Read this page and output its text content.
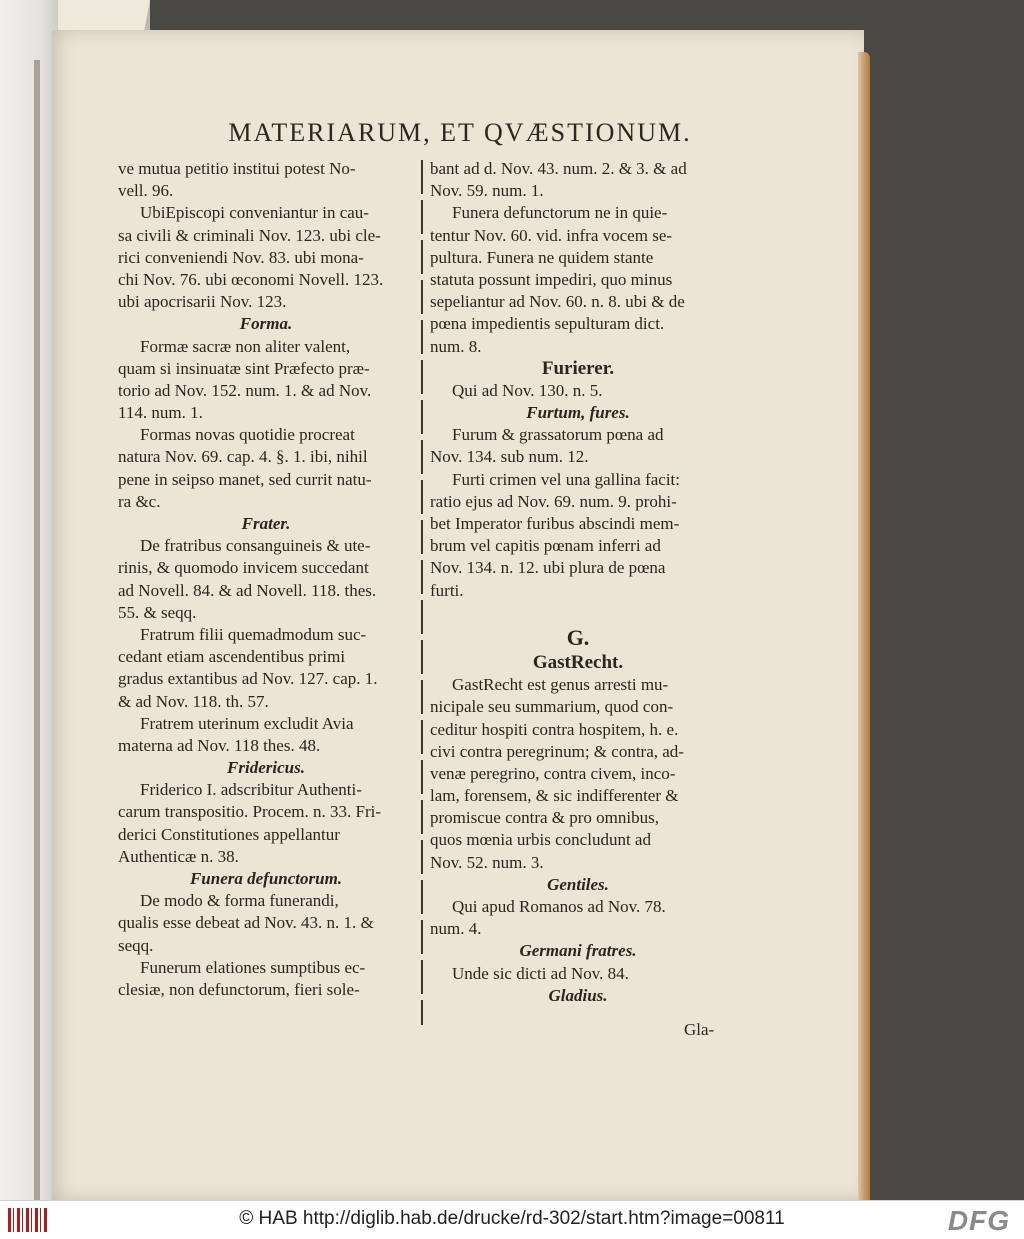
MATERIARUM, ET QVÆSTIONUM.
ve mutua petitio institui potest No-
vell. 96.
UbiEpiscopi conveniantur in cau-
sa civili & criminali Nov. 123. ubi cle-
rici conveniendi Nov. 83. ubi mona-
chi Nov. 76. ubi œconomi Novell. 123.
ubi apocrisarii Nov. 123.
Forma.
Formæ sacræ non aliter valent,
quam si insinuatæ sint Præfecto præ-
torio ad Nov. 152. num. 1. & ad Nov.
114. num. 1.
Formas novas quotidie procreat
natura Nov. 69. cap. 4. §. 1. ibi, nihil
pene in seipso manet, sed currit natu-
ra &c.
Frater.
De fratribus consanguineis & ute-
rinis, & quomodo invicem succedant
ad Novell. 84. & ad Novell. 118. thes.
55. & seqq.
Fratrum filii quemadmodum suc-
cedant etiam ascendentibus primi
gradus extantibus ad Nov. 127. cap. 1.
& ad Nov. 118. th. 57.
Fratrem uterinum excludit Avia
materna ad Nov. 118 thes. 48.
Fridericus.
Friderico I. adscribitur Authenti-
carum transpositio. Procem. n. 33. Fri-
derici Constitutiones appellantur
Authenticæ n. 38.
Funera defunctorum.
De modo & forma funerandi,
qualis esse debeat ad Nov. 43. n. 1. &
seqq.
Funerum elationes sumptibus ec-
clesiæ, non defunctorum, fieri sole-
bant ad d. Nov. 43. num. 2. & 3. & ad
Nov. 59. num. 1.
Funera defunctorum ne in quie-
tentur Nov. 60. vid. infra vocem se-
pultura. Funera ne quidem stante
statuta possunt impediri, quo minus
sepeliantur ad Nov. 60. n. 8. ubi & de
pœna impedientis sepulturam dict.
num. 8.
Furierer.
Qui ad Nov. 130. n. 5.
Furtum, fures.
Furum & grassatorum pœna ad
Nov. 134. sub num. 12.
Furti crimen vel una gallina facit:
ratio ejus ad Nov. 69. num. 9. prohi-
bet Imperator furibus abscindi mem-
brum vel capitis pœnam inferri ad
Nov. 134. n. 12. ubi plura de pœna
furti.
G.
GastRecht.
GastRecht est genus arresti mu-
nicipale seu summarium, quod con-
ceditur hospiti contra hospitem, h. e.
civi contra peregrinum; & contra, ad-
venæ peregrino, contra civem, inco-
lam, forensem, & sic indifferenter &
promiscue contra & pro omnibus,
quos mœnia urbis concludunt ad
Nov. 52. num. 3.
Gentiles.
Qui apud Romanos ad Nov. 78.
num. 4.
Germani fratres.
Unde sic dicti ad Nov. 84.
Gladius.
Gla-
© HAB http://diglib.hab.de/drucke/rd-302/start.htm?image=00811	DFG
